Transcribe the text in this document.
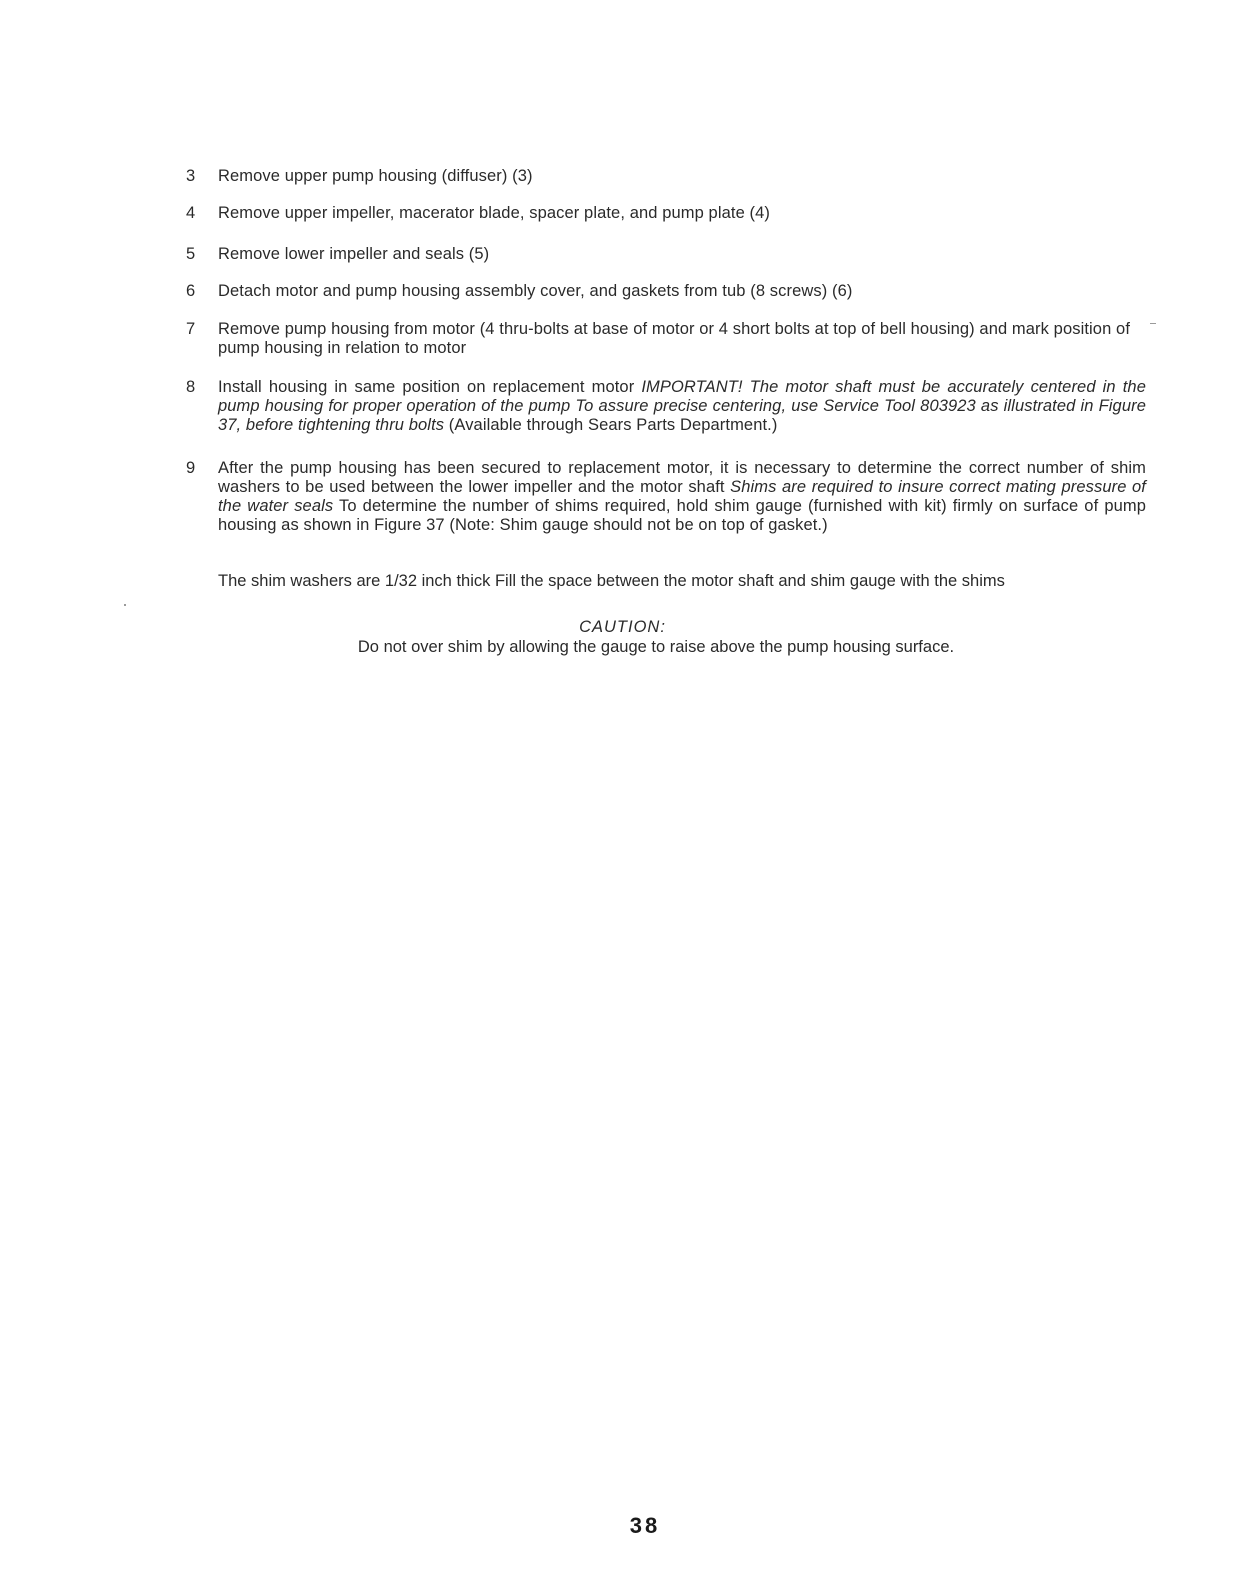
3	Remove upper pump housing (diffuser) (3)
4	Remove upper impeller, macerator blade, spacer plate, and pump plate (4)
5	Remove lower impeller and seals (5)
6	Detach motor and pump housing assembly cover, and gaskets from tub (8 screws) (6)
7	Remove pump housing from motor (4 thru-bolts at base of motor or 4 short bolts at top of bell housing) and mark position of pump housing in relation to motor
8	Install housing in same position on replacement motor IMPORTANT! The motor shaft must be accurately centered in the pump housing for proper operation of the pump To assure precise centering, use Service Tool 803923 as illustrated in Figure 37, before tightening thru bolts (Available through Sears Parts Department.)
9	After the pump housing has been secured to replacement motor, it is necessary to determine the correct number of shim washers to be used between the lower impeller and the motor shaft Shims are required to insure correct mating pressure of the water seals To determine the number of shims required, hold shim gauge (furnished with kit) firmly on surface of pump housing as shown in Figure 37 (Note: Shim gauge should not be on top of gasket.)
The shim washers are 1/32 inch thick Fill the space between the motor shaft and shim gauge with the shims
CAUTION:
Do not over shim by allowing the gauge to raise above the pump housing surface.
38
